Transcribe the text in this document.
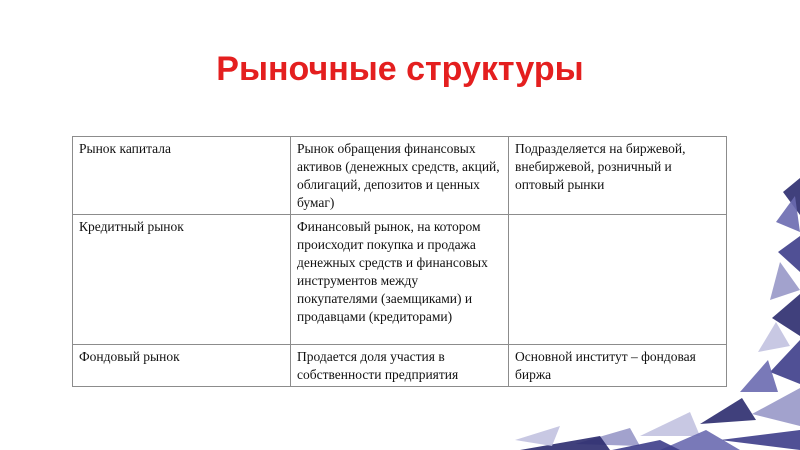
Рыночные структуры
Рынок капитала	Рынок обращения финансовых активов (денежных средств, акций, облигаций, депозитов и ценных бумаг)	Подразделяется на биржевой, внебиржевой, розничный и оптовый рынки
Кредитный рынок	Финансовый рынок, на котором происходит покупка и продажа денежных средств и финансовых инструментов между покупателями (заемщиками) и продавцами (кредиторами)	
Фондовый рынок	Продается доля участия в собственности предприятия	Основной институт – фондовая биржа
